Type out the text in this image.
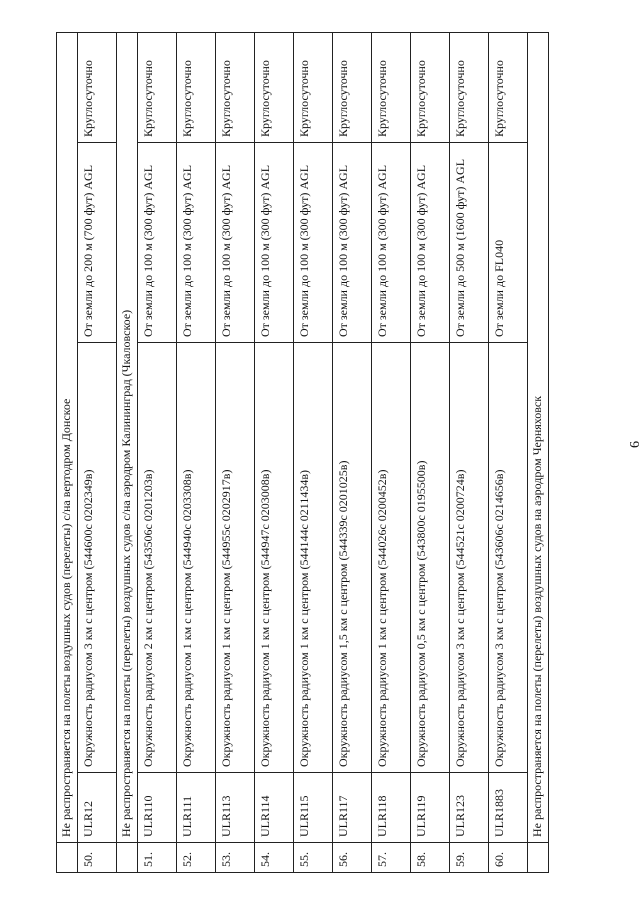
6
	Не распространяется на полеты воздушных судов (перелеты) с/на вертодром Донское			
50.	ULR12	Окружность радиусом 3 км с центром (544600с 0202349в)	От земли до 200 м (700 фут) AGL	Круглосуточно
	Не распространяется на полеты (перелеты) воздушных судов с/на аэродром Калининград (Чкаловское)			
51.	ULR110	Окружность радиусом 2 км с центром (543506с 0201203в)	От земли до 100 м (300 фут) AGL	Круглосуточно
52.	ULR111	Окружность радиусом 1 км с центром (544940с 0203308в)	От земли до 100 м (300 фут) AGL	Круглосуточно
53.	ULR113	Окружность радиусом 1 км с центром (544955с 0202917в)	От земли до 100 м (300 фут) AGL	Круглосуточно
54.	ULR114	Окружность радиусом 1 км с центром (544947с 0203008в)	От земли до 100 м (300 фут) AGL	Круглосуточно
55.	ULR115	Окружность радиусом 1 км с центром (544144с 0211434в)	От земли до 100 м (300 фут) AGL	Круглосуточно
56.	ULR117	Окружность радиусом 1,5 км с центром (544339с 0201025в)	От земли до 100 м (300 фут) AGL	Круглосуточно
57.	ULR118	Окружность радиусом 1 км с центром (544026с 0200452в)	От земли до 100 м (300 фут) AGL	Круглосуточно
58.	ULR119	Окружность радиусом 0,5 км с центром (543800с 0195500в)	От земли до 100 м (300 фут) AGL	Круглосуточно
59.	ULR123	Окружность радиусом 3 км с центром (544521с 0200724в)	От земли до 500 м (1600 фут) AGL	Круглосуточно
60.	ULR1883	Окружность радиусом 3 км с центром (543606с 0214656в)	От земли до FL040	Круглосуточно
	Не распространяется на полеты (перелеты) воздушных судов на аэродром Черняховск			
